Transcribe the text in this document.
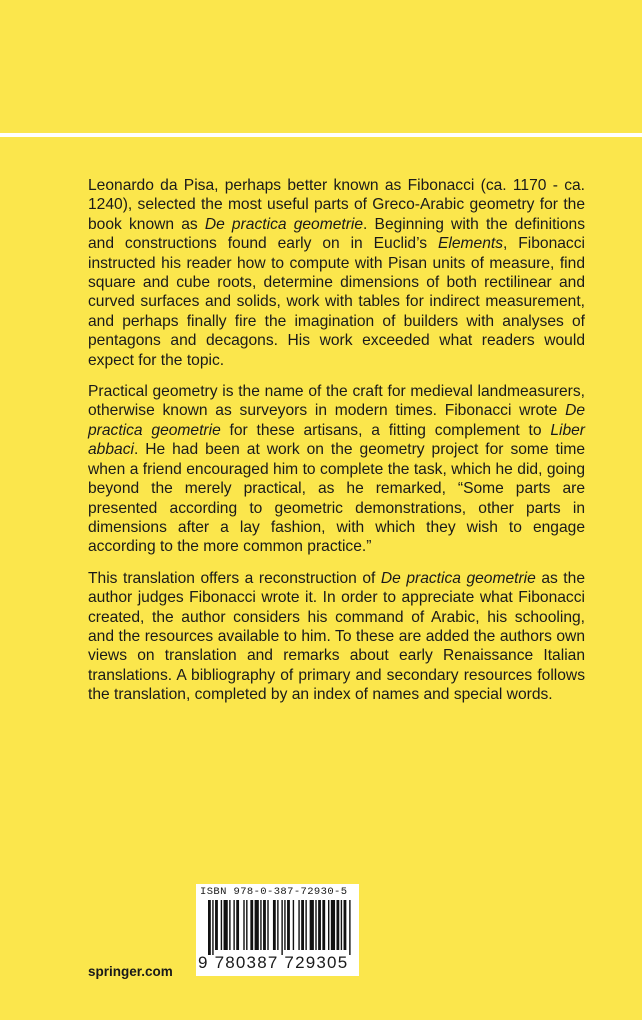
Leonardo da Pisa, perhaps better known as Fibonacci (ca. 1170 - ca. 1240), selected the most useful parts of Greco-Arabic geometry for the book known as De practica geometrie. Beginning with the definitions and constructions found early on in Euclid’s Elements, Fibonacci instructed his reader how to compute with Pisan units of measure, find square and cube roots, determine dimensions of both rectilinear and curved surfaces and solids, work with tables for indirect measurement, and perhaps finally fire the imagination of builders with analyses of pentagons and decagons. His work exceeded what readers would expect for the topic.

Practical geometry is the name of the craft for medieval landmeasurers, otherwise known as surveyors in modern times. Fibonacci wrote De practica geometrie for these artisans, a fitting complement to Liber abbaci. He had been at work on the geometry project for some time when a friend encouraged him to complete the task, which he did, going beyond the merely practical, as he remarked, “Some parts are presented according to geometric demonstrations, other parts in dimensions after a lay fashion, with which they wish to engage according to the more common practice.”

This translation offers a reconstruction of De practica geometrie as the author judges Fibonacci wrote it. In order to appreciate what Fibonacci created, the author considers his command of Arabic, his schooling, and the resources available to him. To these are added the authors own views on translation and remarks about early Renaissance Italian translations. A bibliography of primary and secondary resources follows the translation, completed by an index of names and special words.

ISBN 978-0-387-72930-5
9 780387 729305
springer.com
